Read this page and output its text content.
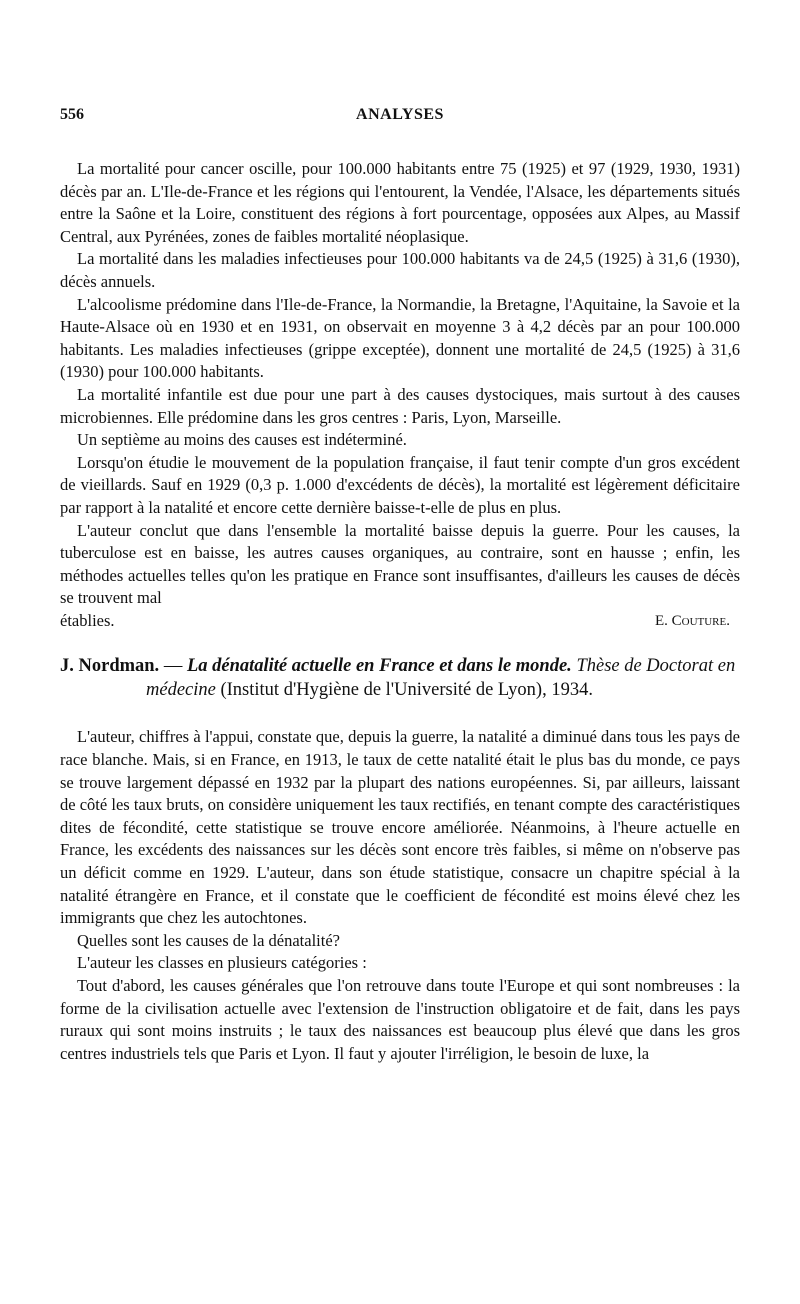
556	ANALYSES

La mortalité pour cancer oscille, pour 100.000 habitants entre 75 (1925) et 97 (1929, 1930, 1931) décès par an. L'Ile-de-France et les régions qui l'entourent, la Vendée, l'Alsace, les départements situés entre la Saône et la Loire, constituent des régions à fort pourcentage, opposées aux Alpes, au Massif Central, aux Pyrénées, zones de faibles mortalité néoplasique.

La mortalité dans les maladies infectieuses pour 100.000 habitants va de 24,5 (1925) à 31,6 (1930), décès annuels.

L'alcoolisme prédomine dans l'Ile-de-France, la Normandie, la Bretagne, l'Aquitaine, la Savoie et la Haute-Alsace où en 1930 et en 1931, on observait en moyenne 3 à 4,2 décès par an pour 100.000 habitants. Les maladies infectieuses (grippe exceptée), donnent une mortalité de 24,5 (1925) à 31,6 (1930) pour 100.000 habitants.

La mortalité infantile est due pour une part à des causes dystociques, mais surtout à des causes microbiennes. Elle prédomine dans les gros centres : Paris, Lyon, Marseille.

Un septième au moins des causes est indéterminé.

Lorsqu'on étudie le mouvement de la population française, il faut tenir compte d'un gros excédent de vieillards. Sauf en 1929 (0,3 p. 1.000 d'excédents de décès), la mortalité est légèrement déficitaire par rapport à la natalité et encore cette dernière baisse-t-elle de plus en plus.

L'auteur conclut que dans l'ensemble la mortalité baisse depuis la guerre. Pour les causes, la tuberculose est en baisse, les autres causes organiques, au contraire, sont en hausse ; enfin, les méthodes actuelles telles qu'on les pratique en France sont insuffisantes, d'ailleurs les causes de décès se trouvent mal

établies.	E. Couture.
J. Nordman. — La dénatalité actuelle en France et dans le monde. Thèse de Doctorat en médecine (Institut d'Hygiène de l'Université de Lyon), 1934.

L'auteur, chiffres à l'appui, constate que, depuis la guerre, la natalité a diminué dans tous les pays de race blanche. Mais, si en France, en 1913, le taux de cette natalité était le plus bas du monde, ce pays se trouve largement dépassé en 1932 par la plupart des nations européennes. Si, par ailleurs, laissant de côté les taux bruts, on considère uniquement les taux rectifiés, en tenant compte des caractéristiques dites de fécondité, cette statistique se trouve encore améliorée. Néanmoins, à l'heure actuelle en France, les excédents des naissances sur les décès sont encore très faibles, si même on n'observe pas un déficit comme en 1929. L'auteur, dans son étude statistique, consacre un chapitre spécial à la natalité étrangère en France, et il constate que le coefficient de fécondité est moins élevé chez les immigrants que chez les autochtones.

Quelles sont les causes de la dénatalité?

L'auteur les classes en plusieurs catégories :

Tout d'abord, les causes générales que l'on retrouve dans toute l'Europe et qui sont nombreuses : la forme de la civilisation actuelle avec l'extension de l'instruction obligatoire et de fait, dans les pays ruraux qui sont moins instruits ; le taux des naissances est beaucoup plus élevé que dans les gros centres industriels tels que Paris et Lyon. Il faut y ajouter l'irréligion, le besoin de luxe, la
